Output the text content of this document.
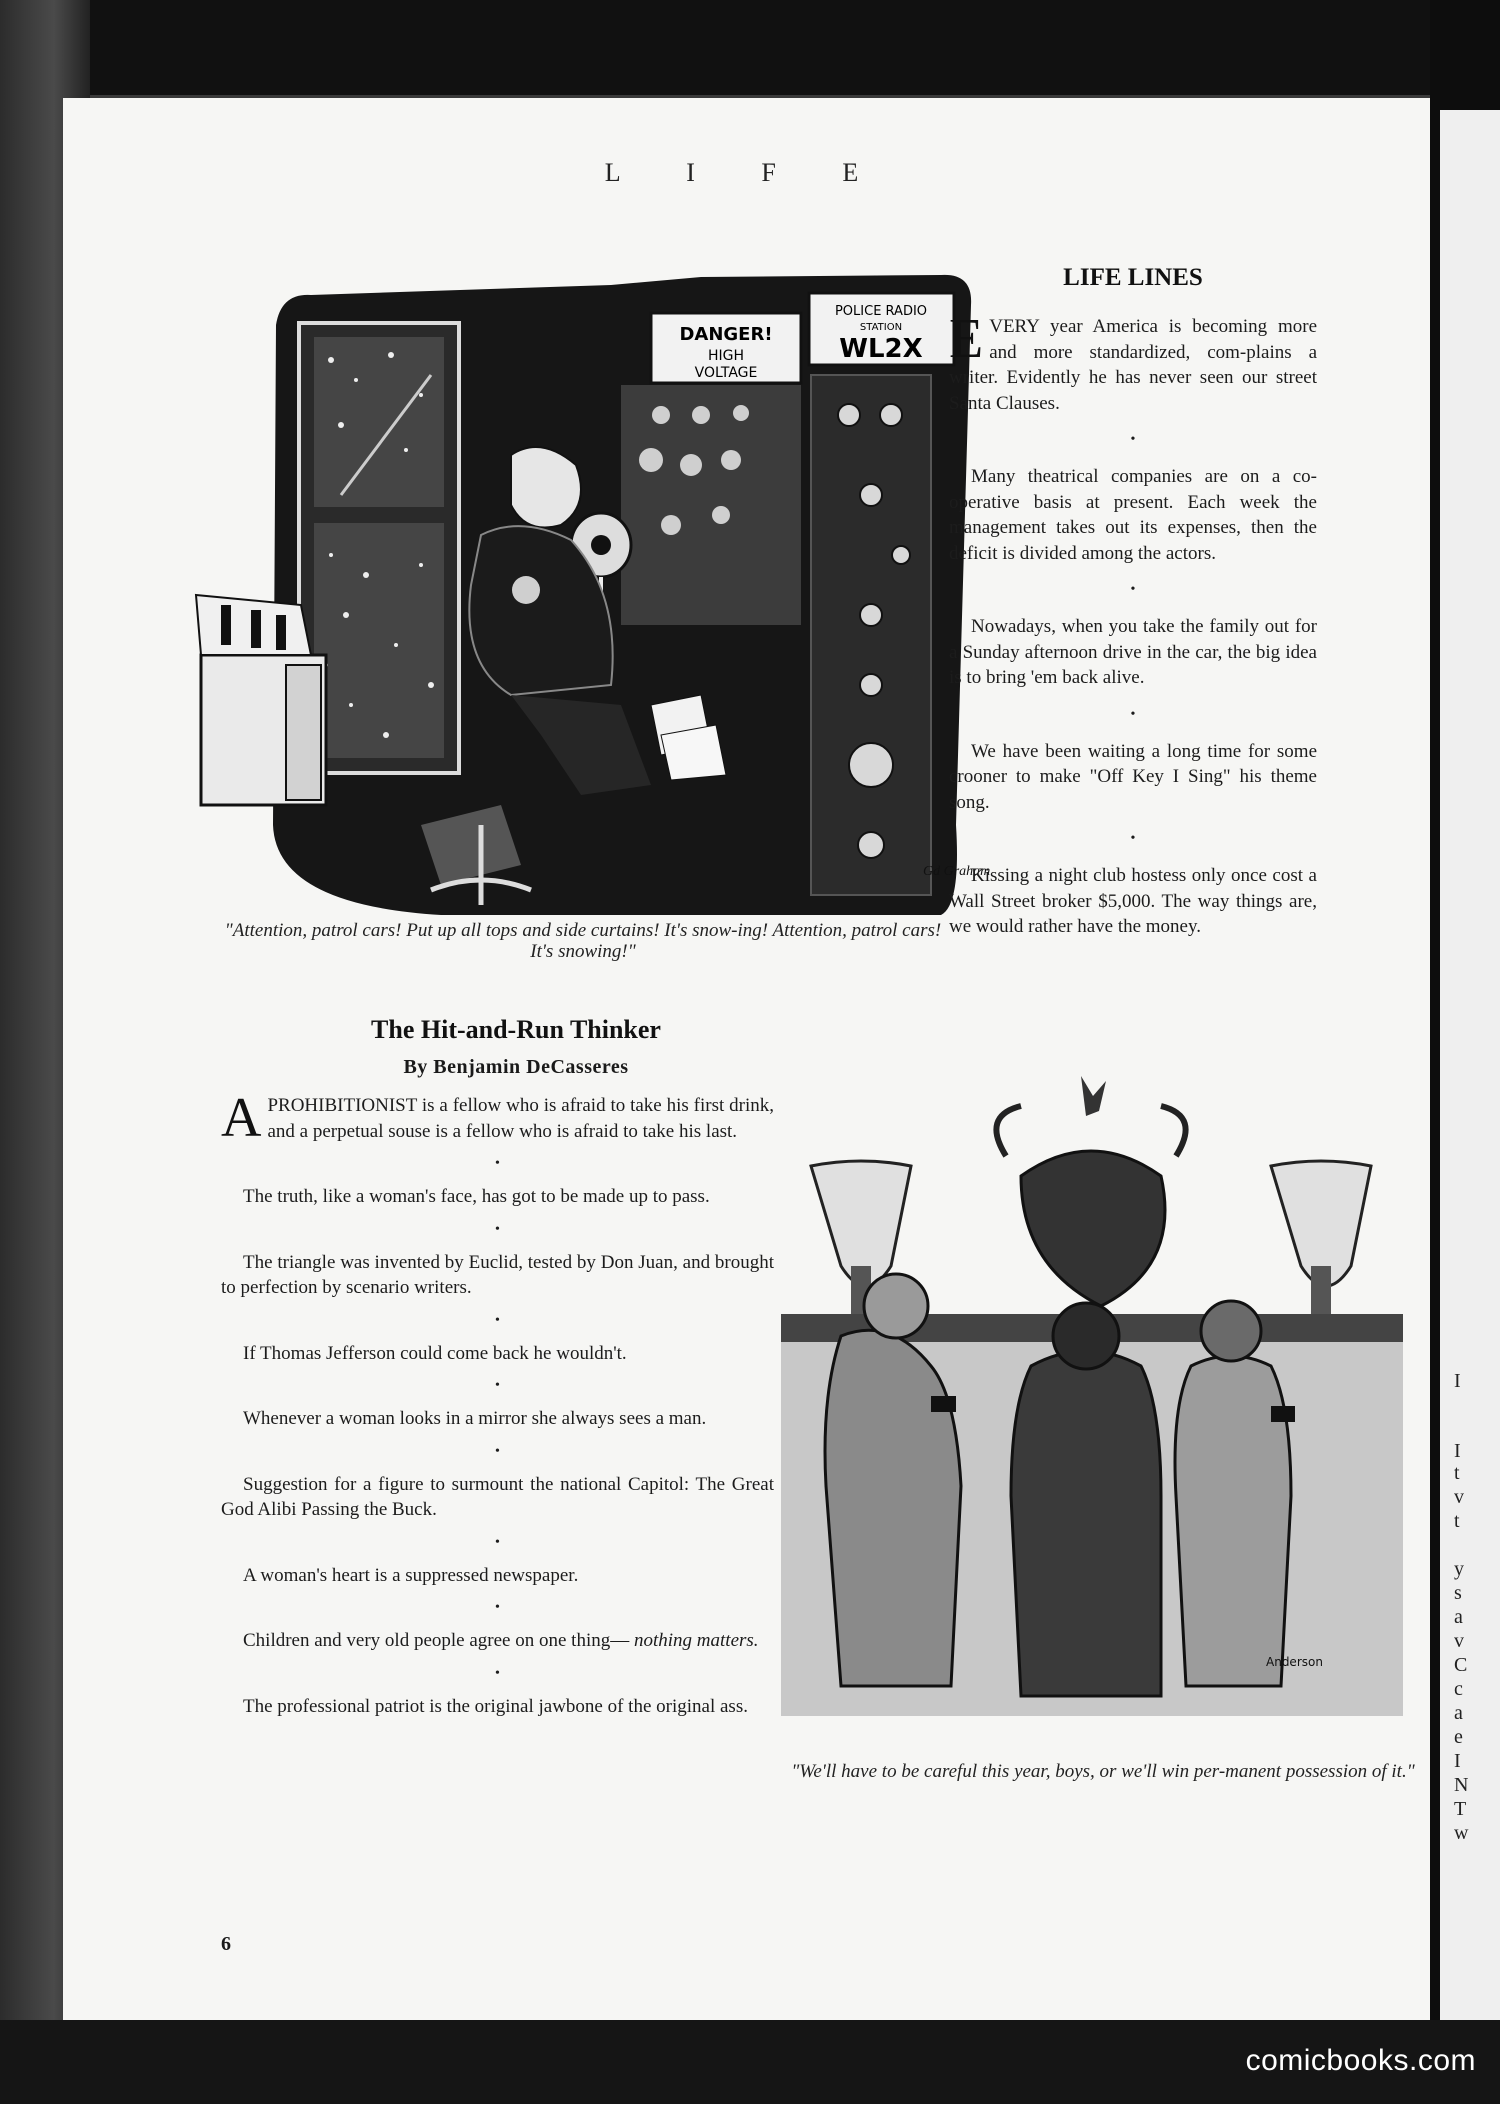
I
I
t
v
t
y
s
a
v
C
c
a
e
I
N
T
w
L I F E
DANGER!
HIGH
VOLTAGE
POLICE RADIO
STATION
WL2X
Gd Graham
"Attention, patrol cars! Put up all tops and side curtains! It's snow-ing! Attention, patrol cars! It's snowing!"
LIFE LINES

EVERY year America is becoming more and more standardized, com-plains a writer. Evidently he has never seen our street Santa Clauses.

•

Many theatrical companies are on a co-operative basis at present. Each week the management takes out its expenses, then the deficit is divided among the actors.

•

Nowadays, when you take the family out for a Sunday afternoon drive in the car, the big idea is to bring 'em back alive.

•

We have been waiting a long time for some crooner to make "Off Key I Sing" his theme song.

•

Kissing a night club hostess only once cost a Wall Street broker $5,000. The way things are, we would rather have the money.

The Hit-and-Run Thinker
By Benjamin DeCasseres

APROHIBITIONIST is a fellow who is afraid to take his first drink, and a perpetual souse is a fellow who is afraid to take his last.

•

The truth, like a woman's face, has got to be made up to pass.

•

The triangle was invented by Euclid, tested by Don Juan, and brought to perfection by scenario writers.

•

If Thomas Jefferson could come back he wouldn't.

•

Whenever a woman looks in a mirror she always sees a man.

•

Suggestion for a figure to surmount the national Capitol: The Great God Alibi Passing the Buck.

•

A woman's heart is a suppressed newspaper.

•

Children and very old people agree on one thing— nothing matters.

•

The professional patriot is the original jawbone of the original ass.

Anderson
"We'll have to be careful this year, boys, or we'll win per-manent possession of it."
6
comicbooks.com
